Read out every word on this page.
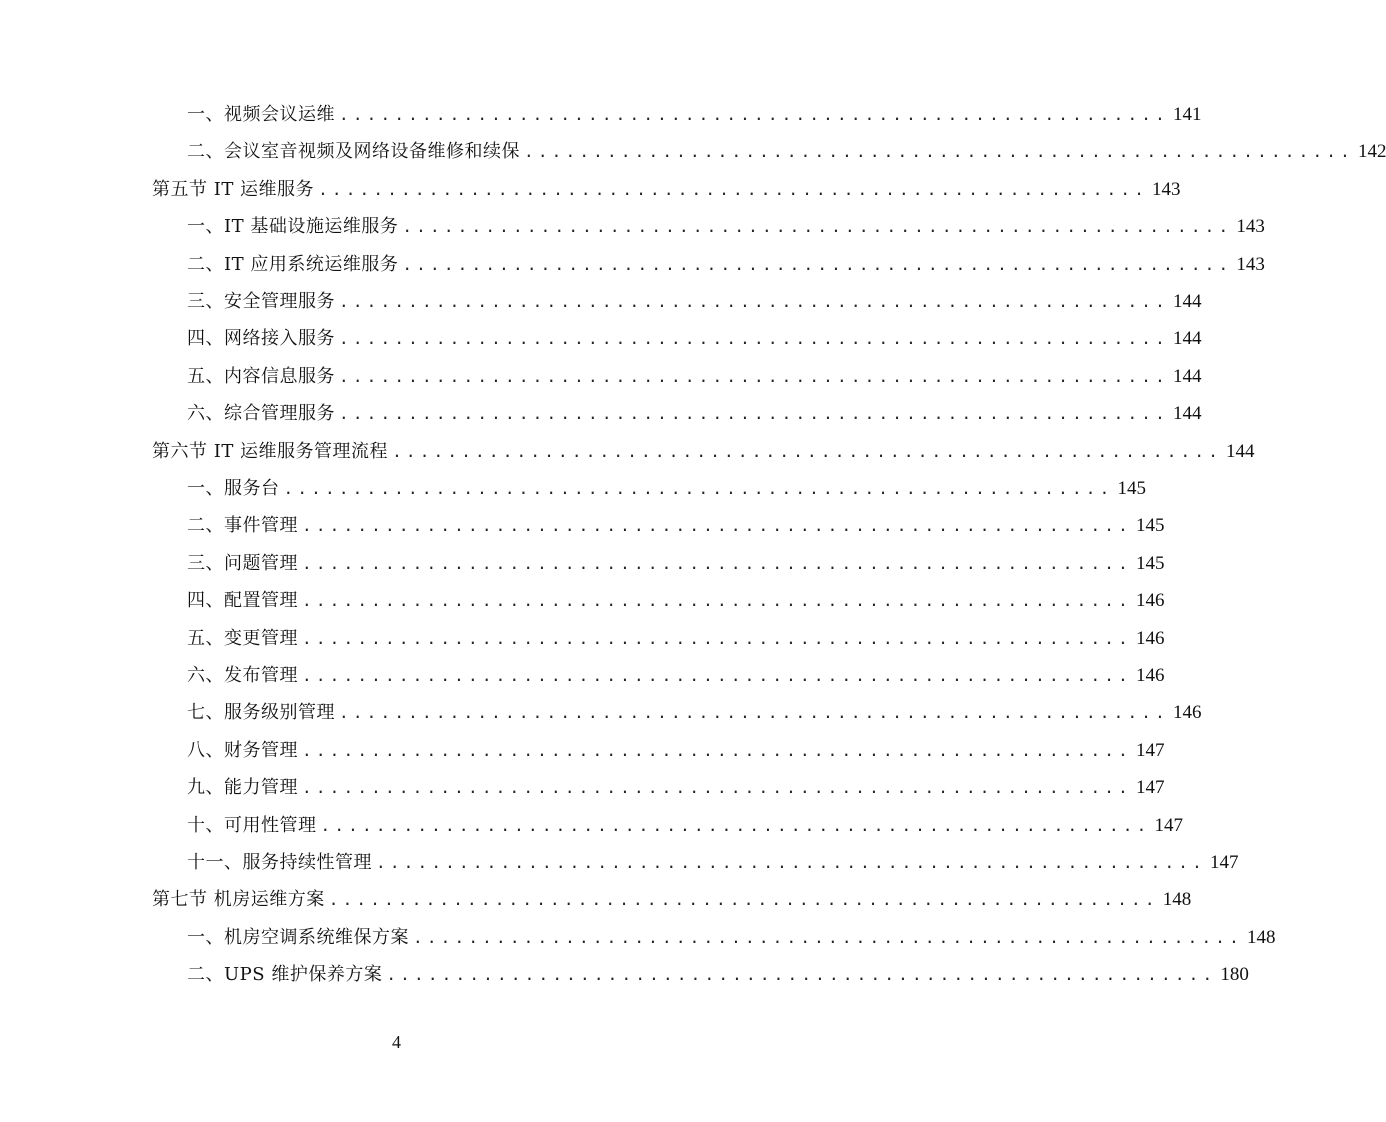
一、视频会议运维 ............................................................ 141
二、会议室音视频及网络设备维修和续保 ............................................................ 142
第五节 IT 运维服务 ............................................................ 143
一、IT 基础设施运维服务 ............................................................ 143
二、IT 应用系统运维服务 ............................................................ 143
三、安全管理服务 ............................................................ 144
四、网络接入服务 ............................................................ 144
五、内容信息服务 ............................................................ 144
六、综合管理服务 ............................................................ 144
第六节 IT 运维服务管理流程 ............................................................ 144
一、服务台 ............................................................ 145
二、事件管理 ............................................................ 145
三、问题管理 ............................................................ 145
四、配置管理 ............................................................ 146
五、变更管理 ............................................................ 146
六、发布管理 ............................................................ 146
七、服务级别管理 ............................................................ 146
八、财务管理 ............................................................ 147
九、能力管理 ............................................................ 147
十、可用性管理 ............................................................ 147
十一、服务持续性管理 ............................................................ 147
第七节 机房运维方案 ............................................................ 148
一、机房空调系统维保方案 ............................................................ 148
二、UPS 维护保养方案 ............................................................ 180
4
